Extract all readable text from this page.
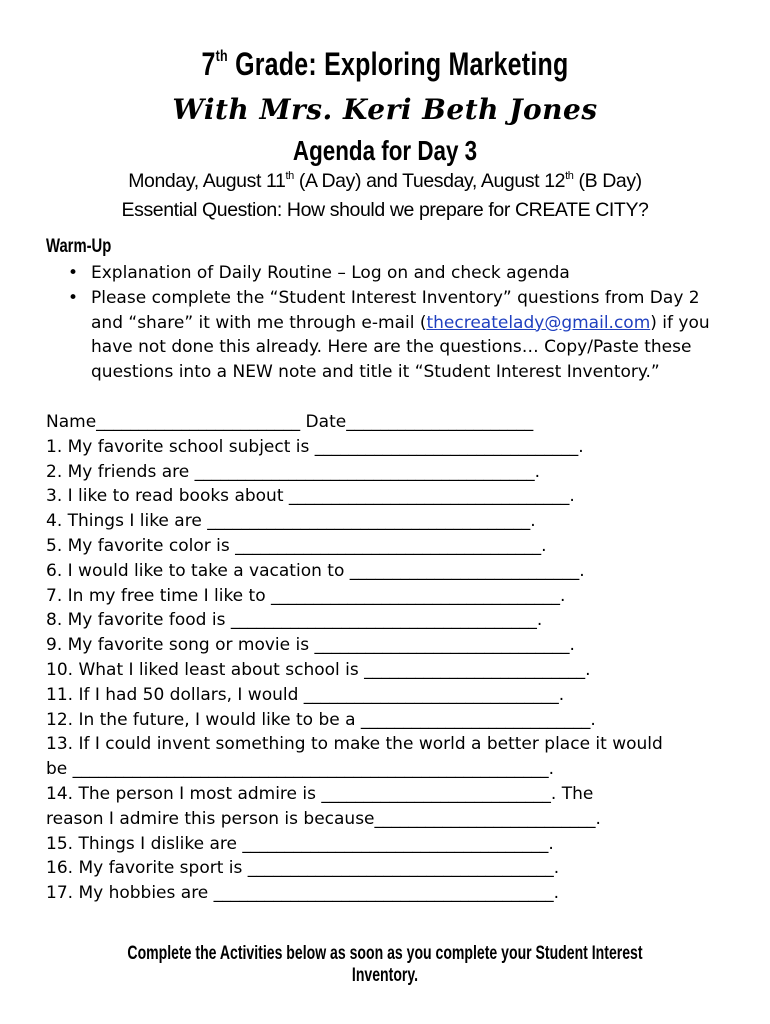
7th Grade: Exploring Marketing
With Mrs. Keri Beth Jones
Agenda for Day 3
Monday, August 11th (A Day) and Tuesday, August 12th (B Day)
Essential Question: How should we prepare for CREATE CITY?
Warm-Up
• Explanation of Daily Routine – Log on and check agenda
• Please complete the “Student Interest Inventory” questions from Day 2 and “share” it with me through e-mail (thecreatelady@gmail.com) if you have not done this already. Here are the questions… Copy/Paste these questions into a NEW note and title it “Student Interest Inventory.”
Name________________________ Date______________________
1. My favorite school subject is _______________________________.
2. My friends are ________________________________________.
3. I like to read books about _________________________________.
4. Things I like are ______________________________________.
5. My favorite color is ____________________________________.
6. I would like to take a vacation to ___________________________.
7. In my free time I like to __________________________________.
8. My favorite food is ____________________________________.
9. My favorite song or movie is ______________________________.
10. What I liked least about school is __________________________.
11. If I had 50 dollars, I would ______________________________.
12. In the future, I would like to be a ___________________________.
13. If I could invent something to make the world a better place it would
be ________________________________________________________.
14. The person I most admire is ___________________________. The
reason I admire this person is because__________________________.
15. Things I dislike are ____________________________________.
16. My favorite sport is ____________________________________.
17. My hobbies are ________________________________________.
Complete the Activities below as soon as you complete your Student Interest Inventory.
